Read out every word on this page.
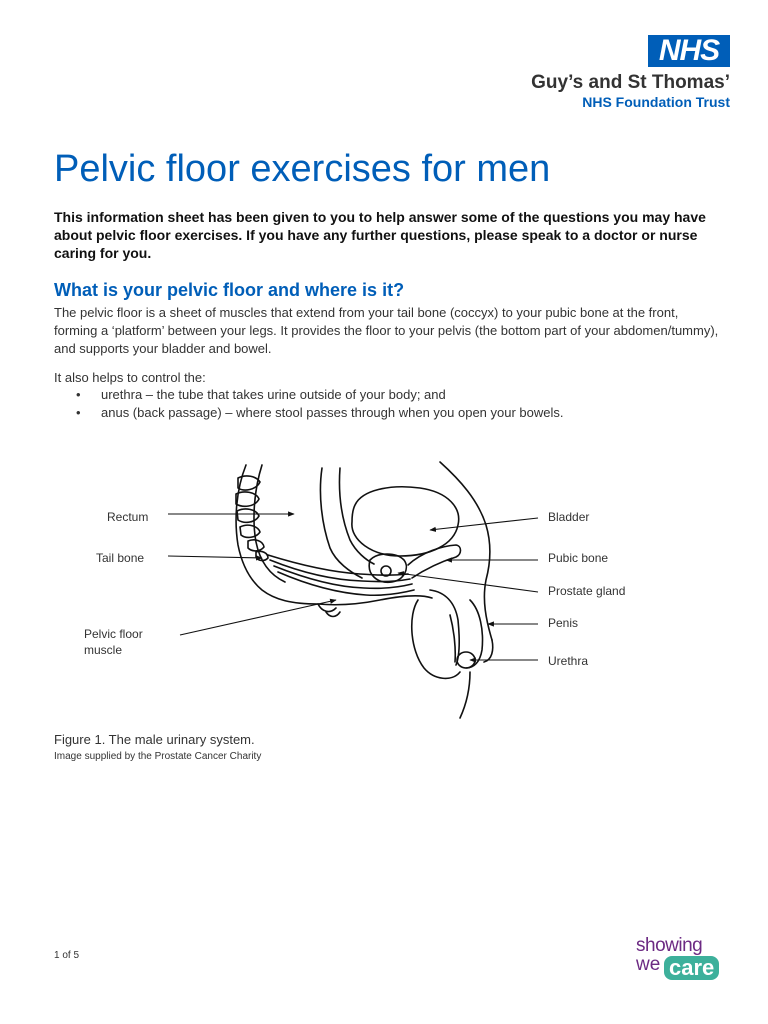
NHS
Guy’s and St Thomas’
NHS Foundation Trust
Pelvic floor exercises for men

This information sheet has been given to you to help answer some of the questions you may have about pelvic floor exercises. If you have any further questions, please speak to a doctor or nurse caring for you.

What is your pelvic floor and where is it?

The pelvic floor is a sheet of muscles that extend from your tail bone (coccyx) to your pubic bone at the front, forming a ‘platform’ between your legs. It provides the floor to your pelvis (the bottom part of your abdomen/tummy), and supports your bladder and bowel.

It also helps to control the:

• urethra – the tube that takes urine outside of your body; and
• anus (back passage) – where stool passes through when you open your bowels.
Rectum
Tail bone
Pelvic floor
muscle
Bladder
Pubic bone
Prostate gland
Penis
Urethra

Figure 1. The male urinary system.

Image supplied by the Prostate Cancer Charity

1 of 5	showing
we care
